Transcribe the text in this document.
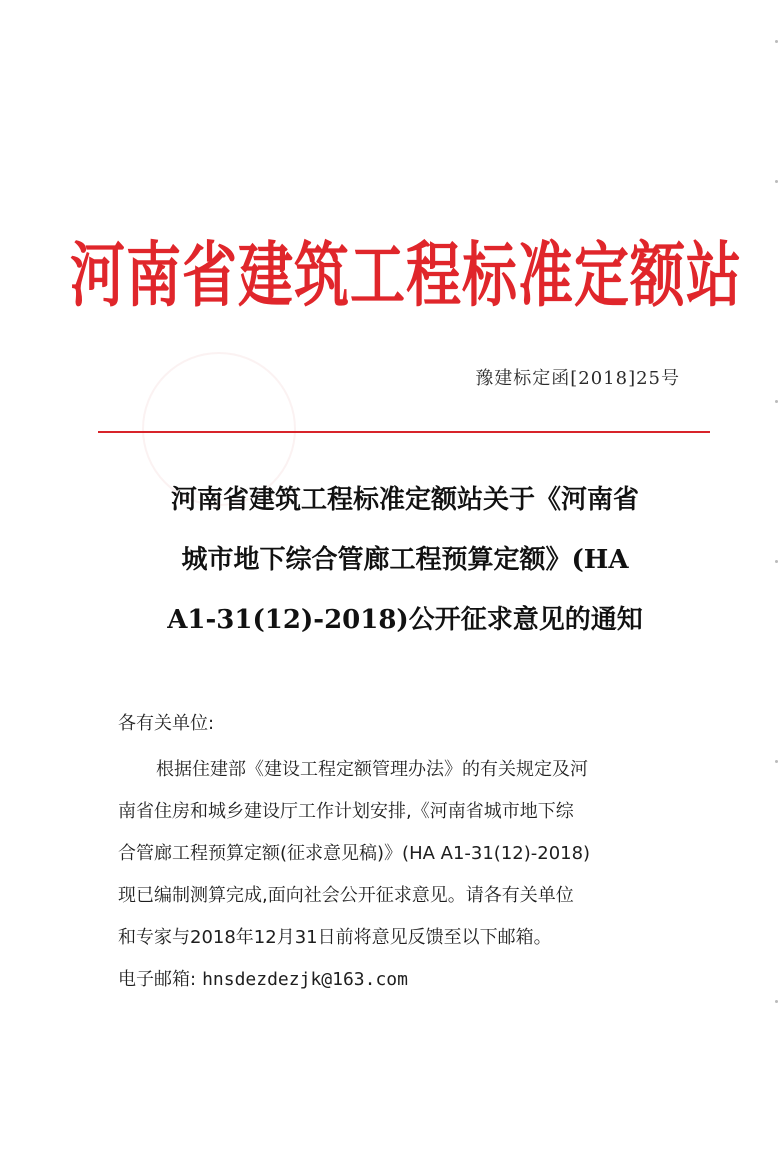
河南省建筑工程标准定额站
豫建标定函[2018]25号
河南省建筑工程标准定额站关于《河南省
城市地下综合管廊工程预算定额》(HA
A1-31(12)-2018)公开征求意见的通知
各有关单位:
根据住建部《建设工程定额管理办法》的有关规定及河
南省住房和城乡建设厅工作计划安排,《河南省城市地下综
合管廊工程预算定额(征求意见稿)》(HA A1-31(12)-2018)
现已编制测算完成,面向社会公开征求意见。请各有关单位
和专家与2018年12月31日前将意见反馈至以下邮箱。
电子邮箱: hnsdezdezjk@163.com
